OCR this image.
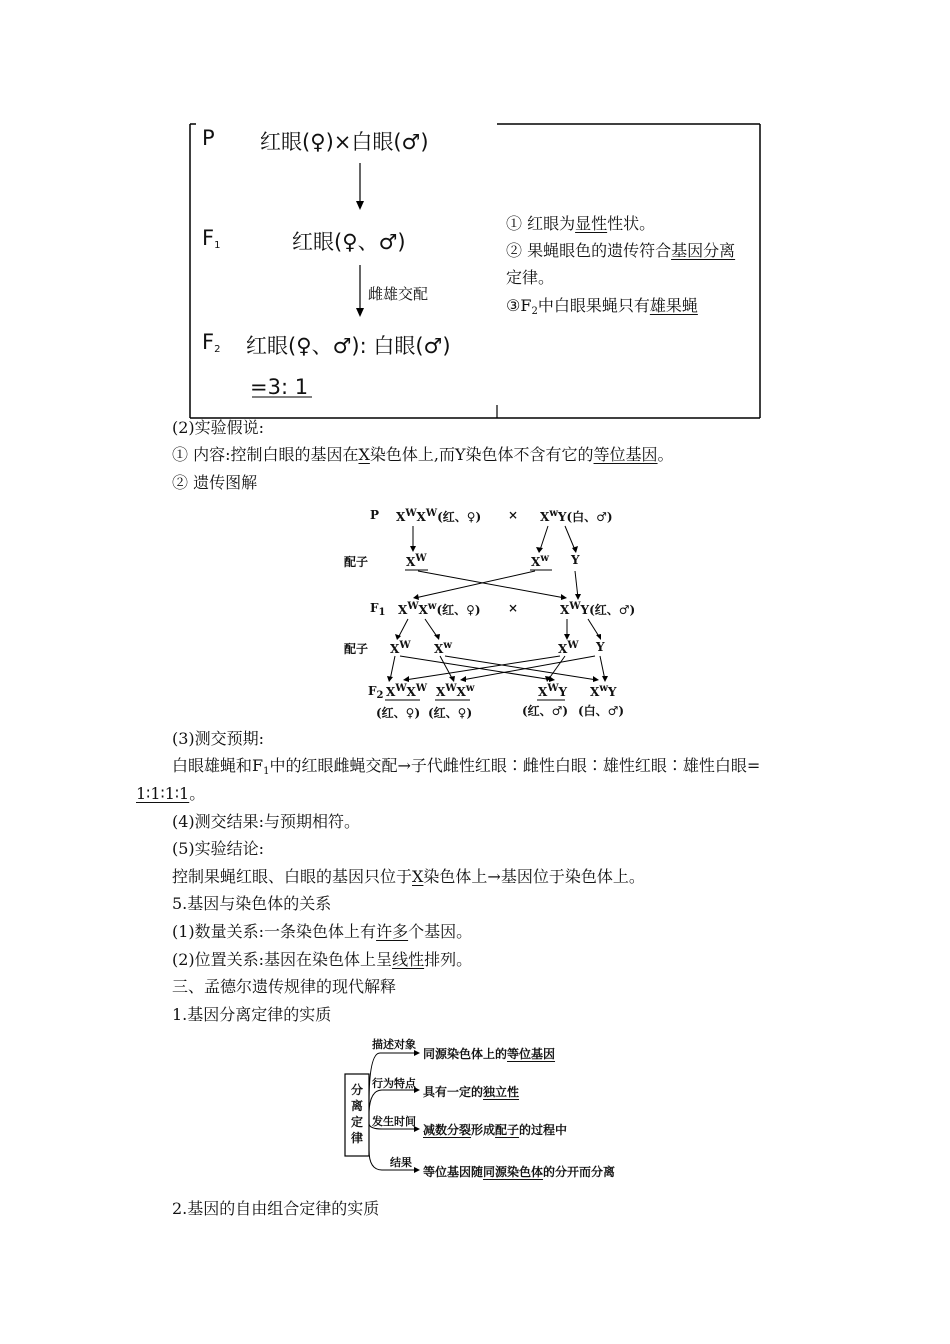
P 红眼(♀)×白眼(♂)
$F_1$	红眼(♀、♂)
雌雄交配
$F_2$ 红眼(♀、♂): 白眼(♂)
=3: 1
① 红眼为显性性状。
② 果蝇眼色的遗传符合基因分离
定律。
$③F_2$中白眼果蝇只有雄果蝇
(2)实验假说:
① 内容:控制白眼的基因在X染色体上,而Y染色体不含有它的等位基因。
② 遗传图解
P $X^WX^W$(红、♀) × $X^wY$(白、♂)
配子	$X^W$	$X^w$ Y
$F_1$ $X^WX^w$(红、♀) ×	$X^WY$(红、♂)
配子 $X^W$ $X^w$	$X^W$ Y
$F_2$ $X^WX^W$ $X^WX^w$	$X^WY$ $X^wY$
(红、♀) (红、♀)	(红、♂) (白、♂)
(3)测交预期:
白眼雄蝇和$F_1$中的红眼雌蝇交配→子代雌性红眼∶雌性白眼∶雄性红眼∶雄性白眼=
1∶1∶1∶1。
(4)测交结果:与预期相符。
(5)实验结论:
控制果蝇红眼、白眼的基因只位于X染色体上→基因位于染色体上。
5.基因与染色体的关系
(1)数量关系:一条染色体上有许多个基因。
(2)位置关系:基因在染色体上呈线性排列。
三、孟德尔遗传规律的现代解释
1.基因分离定律的实质
分
离
定
律
描述对象
同源染色体上的等位基因
行为特点
具有一定的独立性
发生时间
减数分裂形成配子的过程中
结果
等位基因随同源染色体的分开而分离
2.基因的自由组合定律的实质
